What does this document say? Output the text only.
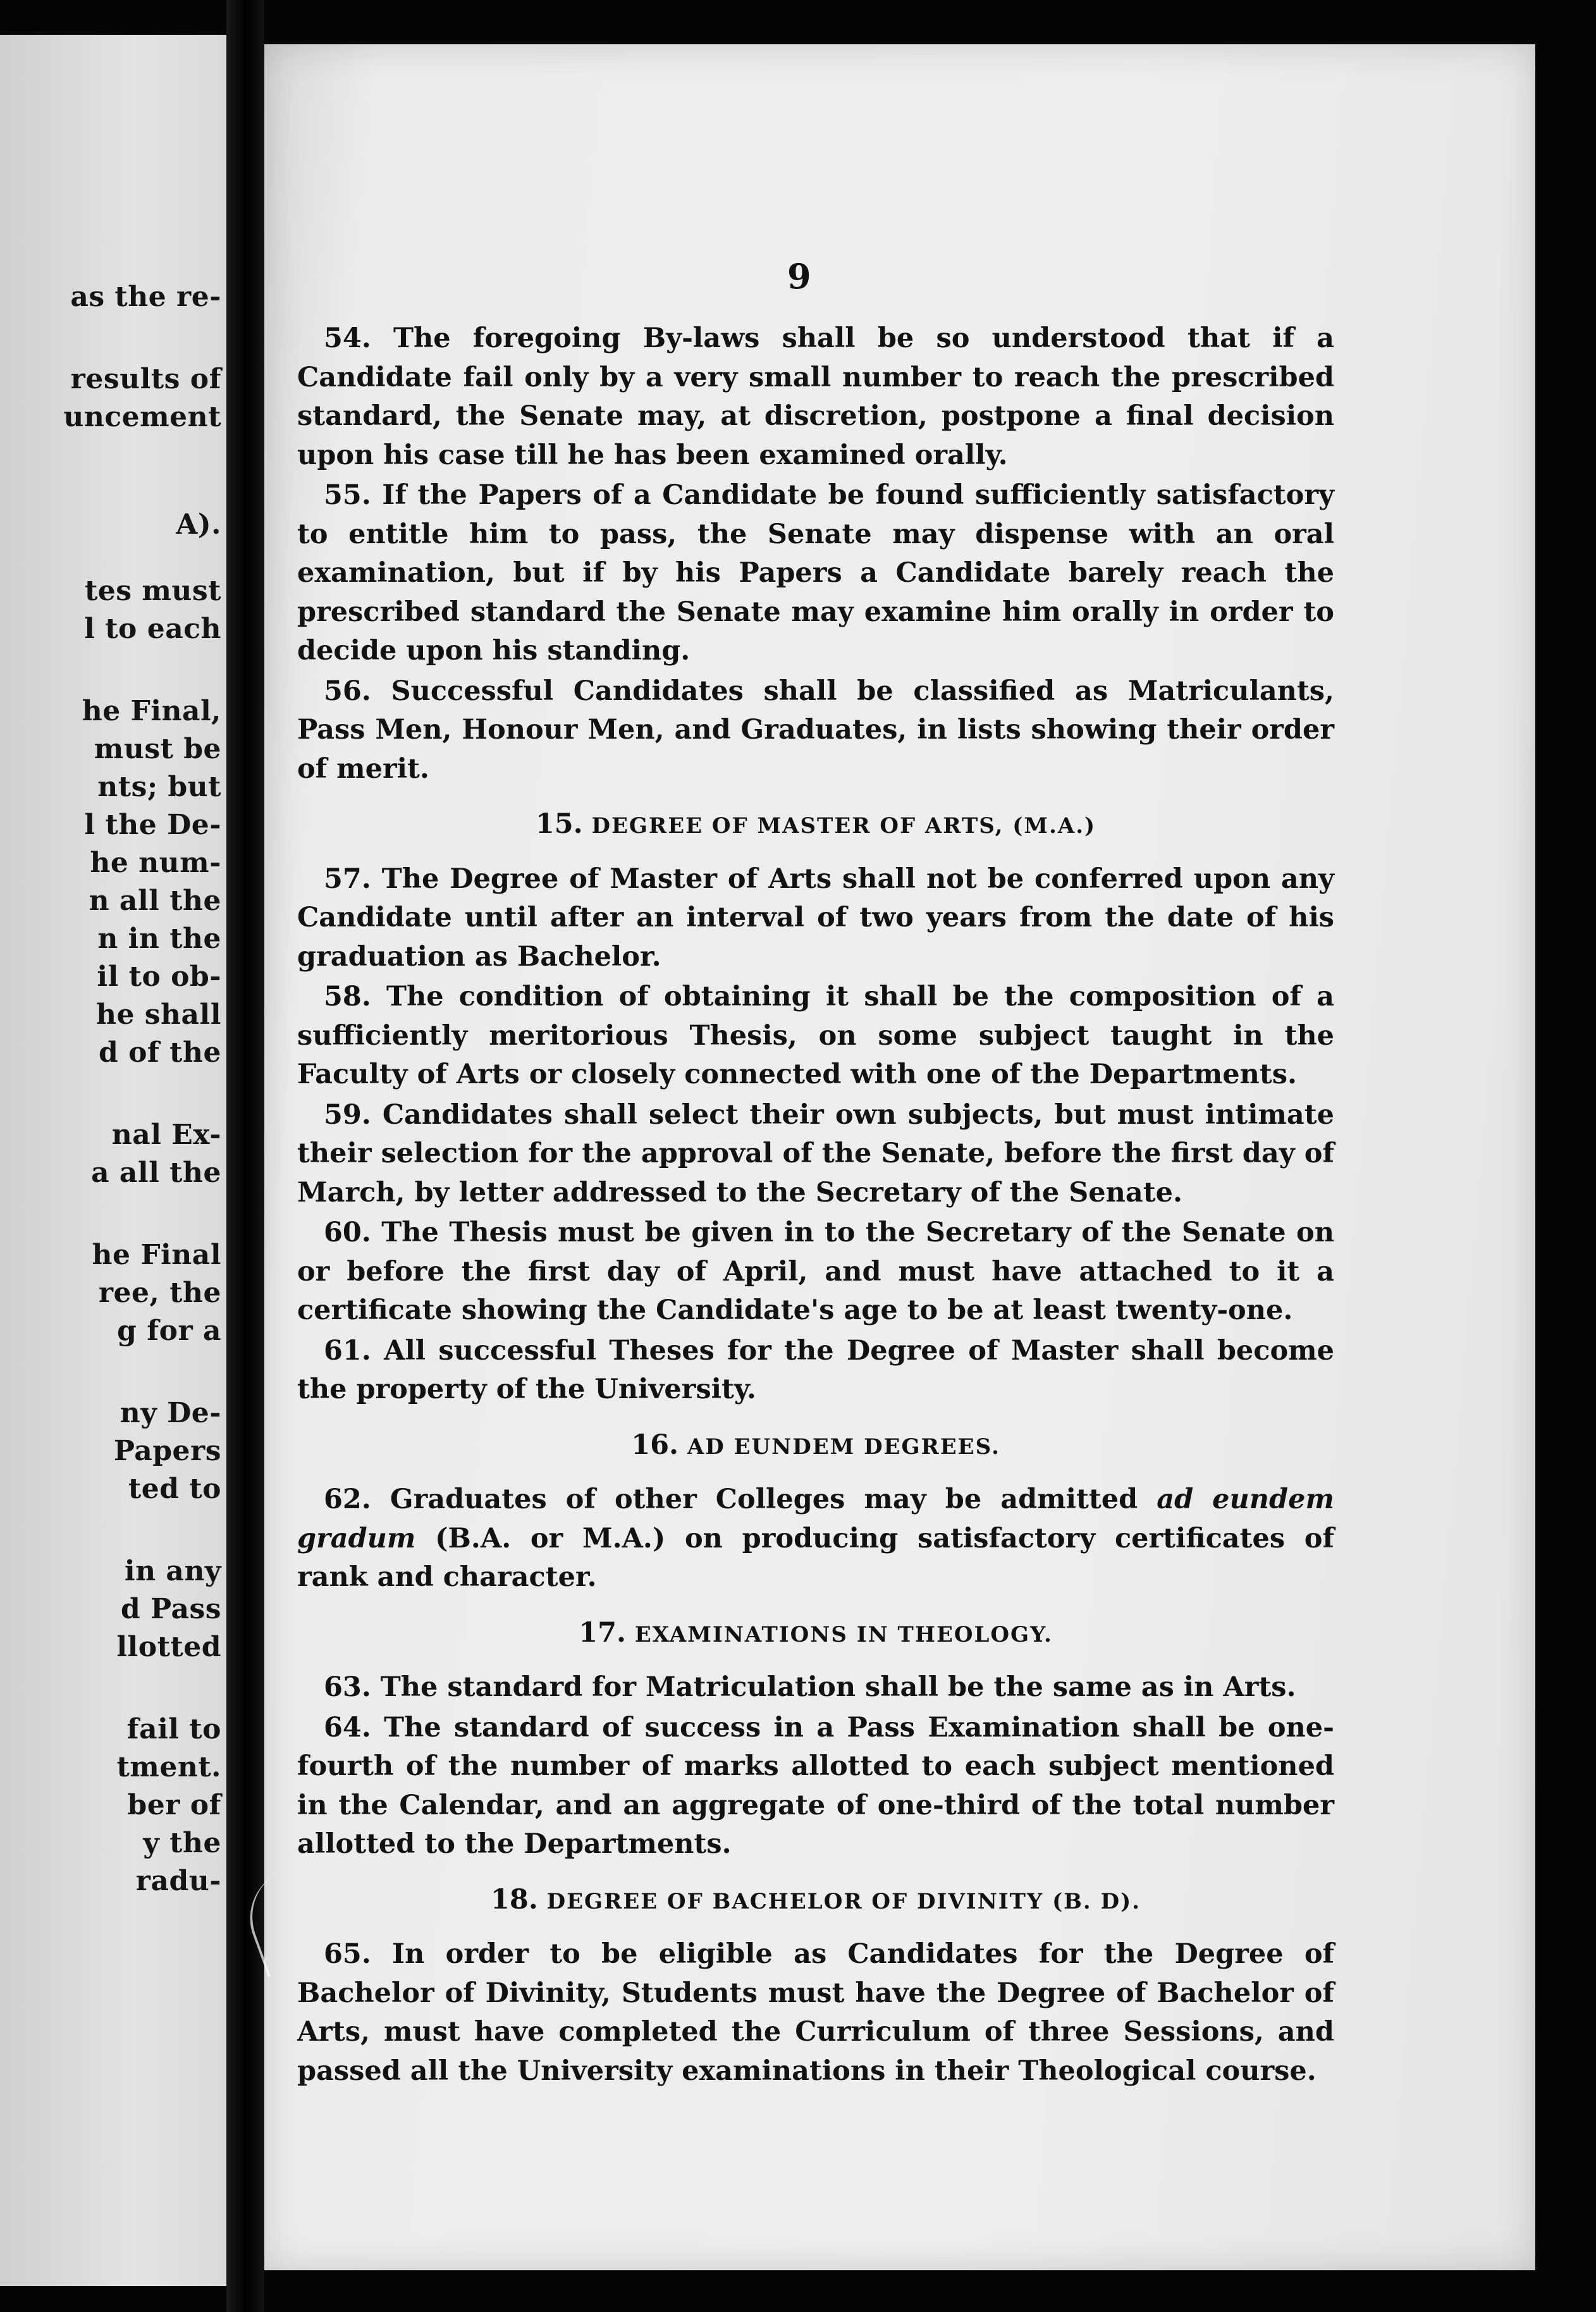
as the re-
results of
uncement
A).
tes must
l to each
he Final,
must be
nts; but
l the De-
he num-
n all the
n in the
il to ob-
he shall
d of the
nal Ex-
a all the
he Final
ree, the
g for a
ny De-
Papers
ted to
in any
d Pass
llotted
fail to
tment.
ber of
y the
radu-
9

54. The foregoing By-laws shall be so understood that if a Candidate fail only by a very small number to reach the prescribed standard, the Senate may, at discretion, postpone a final decision upon his case till he has been examined orally.

55. If the Papers of a Candidate be found sufficiently satisfactory to entitle him to pass, the Senate may dispense with an oral examination, but if by his Papers a Candidate barely reach the prescribed standard the Senate may examine him orally in order to decide upon his standing.

56. Successful Candidates shall be classified as Matriculants, Pass Men, Honour Men, and Graduates, in lists showing their order of merit.

15. DEGREE OF MASTER OF ARTS, (M.A.)

57. The Degree of Master of Arts shall not be conferred upon any Candidate until after an interval of two years from the date of his graduation as Bachelor.

58. The condition of obtaining it shall be the composition of a sufficiently meritorious Thesis, on some subject taught in the Faculty of Arts or closely connected with one of the Departments.

59. Candidates shall select their own subjects, but must intimate their selection for the approval of the Senate, before the first day of March, by letter addressed to the Secretary of the Senate.

60. The Thesis must be given in to the Secretary of the Senate on or before the first day of April, and must have attached to it a certificate showing the Candidate's age to be at least twenty-one.

61. All successful Theses for the Degree of Master shall become the property of the University.

16. AD EUNDEM DEGREES.

62. Graduates of other Colleges may be admitted ad eundem gradum (B.A. or M.A.) on producing satisfactory certificates of rank and character.

17. EXAMINATIONS IN THEOLOGY.

63. The standard for Matriculation shall be the same as in Arts.

64. The standard of success in a Pass Examination shall be one-fourth of the number of marks allotted to each subject mentioned in the Calendar, and an aggregate of one-third of the total number allotted to the Departments.

18. DEGREE OF BACHELOR OF DIVINITY (B. D).

65. In order to be eligible as Candidates for the Degree of Bachelor of Divinity, Students must have the Degree of Bachelor of Arts, must have completed the Curriculum of three Sessions, and passed all the University examinations in their Theological course.
